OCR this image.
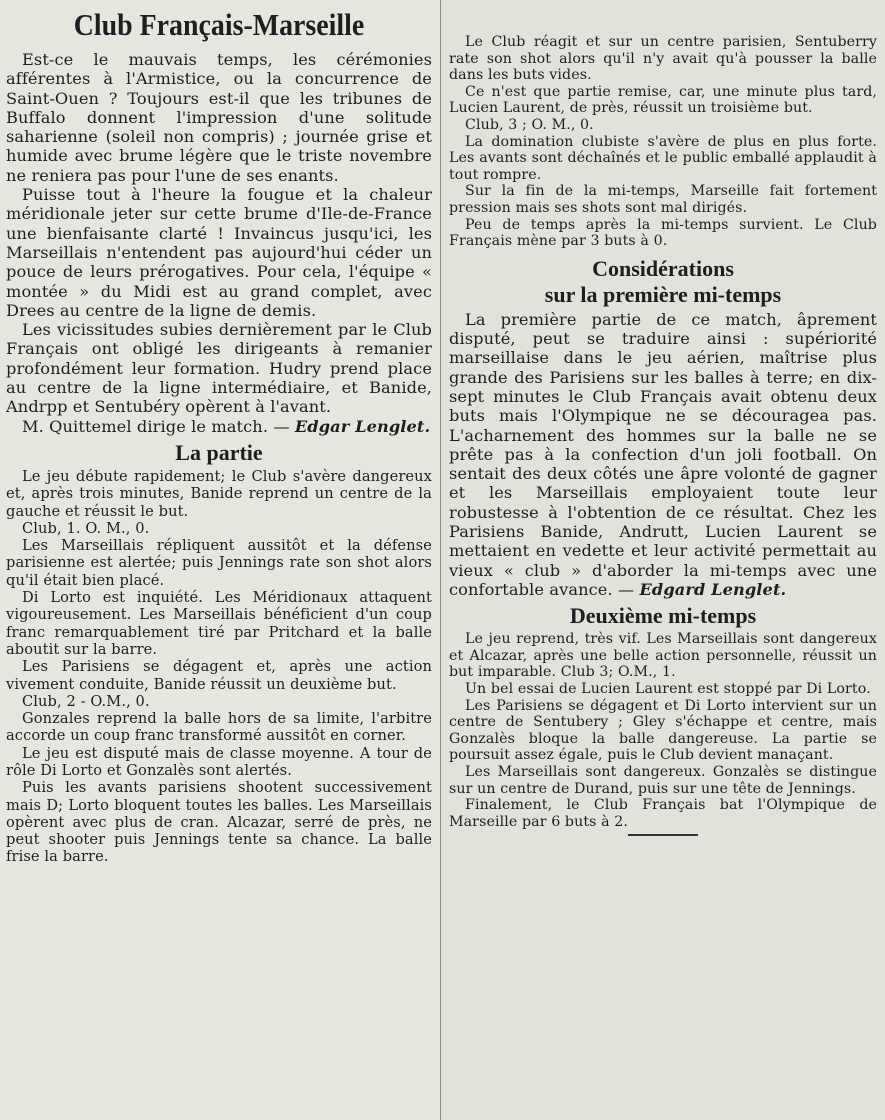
Club Français-Marseille

Est-ce le mauvais temps, les cérémonies afférentes à l'Armistice, ou la concurrence de Saint-Ouen ? Toujours est-il que les tribunes de Buffalo donnent l'impression d'une solitude saharienne (soleil non compris) ; journée grise et humide avec brume légère que le triste novembre ne reniera pas pour l'une de ses enants.

Puisse tout à l'heure la fougue et la chaleur méridionale jeter sur cette brume d'Ile-de-France une bienfaisante clarté ! Invaincus jusqu'ici, les Marseillais n'entendent pas aujourd'hui céder un pouce de leurs prérogatives. Pour cela, l'équipe « montée » du Midi est au grand complet, avec Drees au centre de la ligne de demis.

Les vicissitudes subies dernièrement par le Club Français ont obligé les dirigeants à remanier profondément leur formation. Hudry prend place au centre de la ligne intermédiaire, et Banide, Andrpp et Sentubéry opèrent à l'avant.

M. Quittemel dirige le match. — Edgar Lenglet.

La partie

Le jeu débute rapidement; le Club s'avère dangereux et, après trois minutes, Banide reprend un centre de la gauche et réussit le but.

Club, 1. O. M., 0.

Les Marseillais répliquent aussitôt et la défense parisienne est alertée; puis Jennings rate son shot alors qu'il était bien placé.

Di Lorto est inquiété. Les Méridionaux attaquent vigoureusement. Les Marseillais bénéficient d'un coup franc remarquablement tiré par Pritchard et la balle aboutit sur la barre.

Les Parisiens se dégagent et, après une action vivement conduite, Banide réussit un deuxième but.

Club, 2 - O.M., 0.

Gonzales reprend la balle hors de sa limite, l'arbitre accorde un coup franc transformé aussitôt en corner.

Le jeu est disputé mais de classe moyenne. A tour de rôle Di Lorto et Gonzalès sont alertés.

Puis les avants parisiens shootent successivement mais D; Lorto bloquent toutes les balles. Les Marseillais opèrent avec plus de cran. Alcazar, serré de près, ne peut shooter puis Jennings tente sa chance. La balle frise la barre.

Le Club réagit et sur un centre parisien, Sentuberry rate son shot alors qu'il n'y avait qu'à pousser la balle dans les buts vides.

Ce n'est que partie remise, car, une minute plus tard, Lucien Laurent, de près, réussit un troisième but.

Club, 3 ; O. M., 0.

La domination clubiste s'avère de plus en plus forte. Les avants sont déchaînés et le public emballé applaudit à tout rompre.

Sur la fin de la mi-temps, Marseille fait fortement pression mais ses shots sont mal dirigés.

Peu de temps après la mi-temps survient. Le Club Français mène par 3 buts à 0.

Considérations
sur la première mi-temps

La première partie de ce match, âprement disputé, peut se traduire ainsi : supériorité marseillaise dans le jeu aérien, maîtrise plus grande des Parisiens sur les balles à terre; en dix-sept minutes le Club Français avait obtenu deux buts mais l'Olympique ne se découragea pas. L'acharnement des hommes sur la balle ne se prête pas à la confection d'un joli football. On sentait des deux côtés une âpre volonté de gagner et les Marseillais employaient toute leur robustesse à l'obtention de ce résultat. Chez les Parisiens Banide, Andrutt, Lucien Laurent se mettaient en vedette et leur activité permettait au vieux « club » d'aborder la mi-temps avec une confortable avance. — Edgard Lenglet.

Deuxième mi-temps

Le jeu reprend, très vif. Les Marseillais sont dangereux et Alcazar, après une belle action personnelle, réussit un but imparable. Club 3; O.M., 1.

Un bel essai de Lucien Laurent est stoppé par Di Lorto.

Les Parisiens se dégagent et Di Lorto intervient sur un centre de Sentubery ; Gley s'échappe et centre, mais Gonzalès bloque la balle dangereuse. La partie se poursuit assez égale, puis le Club devient manaçant.

Les Marseillais sont dangereux. Gonzalès se distingue sur un centre de Durand, puis sur une tête de Jennings.

Finalement, le Club Français bat l'Olympique de Marseille par 6 buts à 2.
